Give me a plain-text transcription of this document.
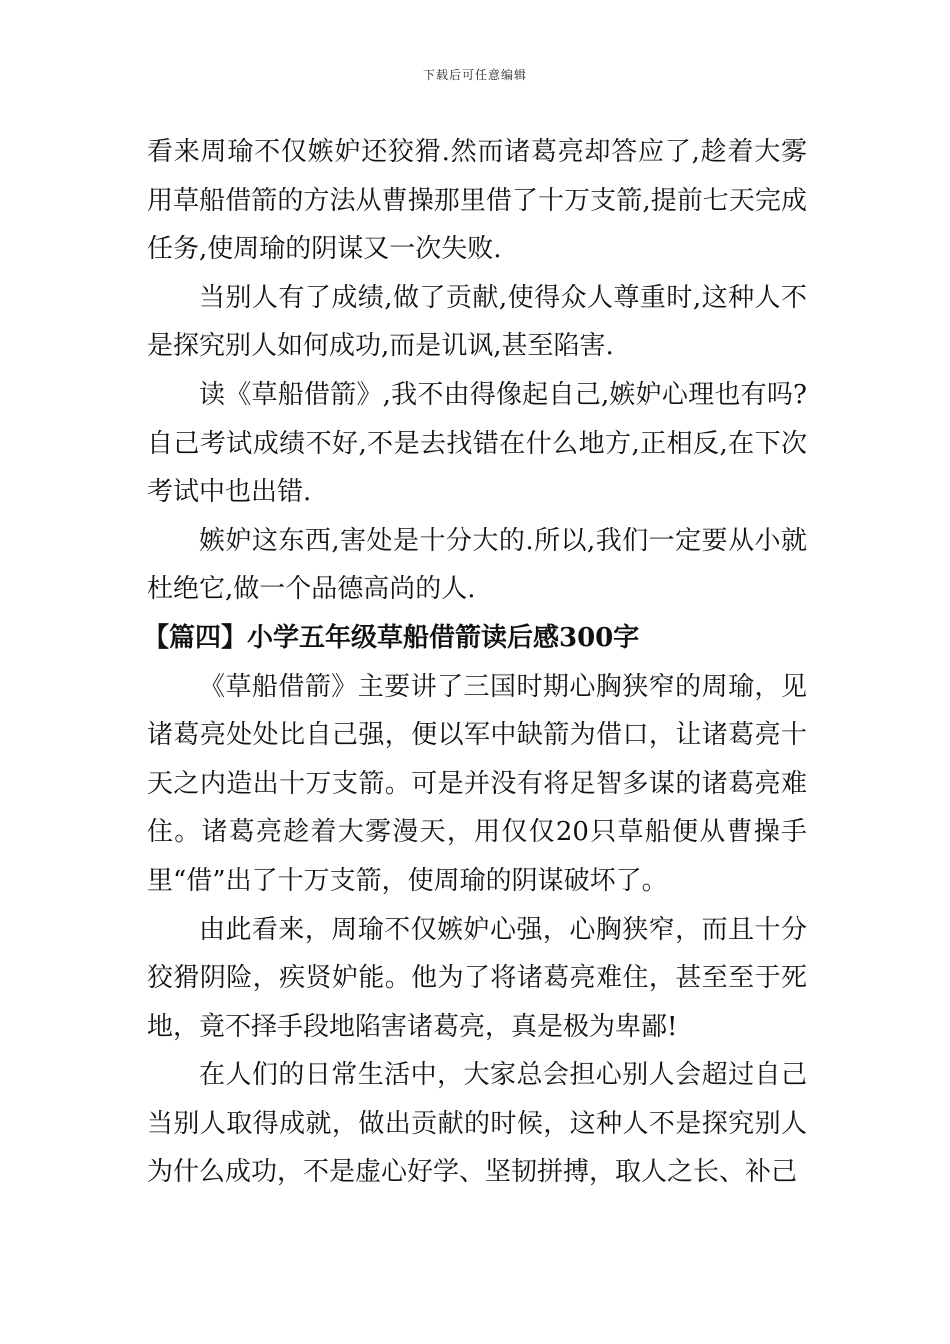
下载后可任意编辑

看来周瑜不仅嫉妒还狡猾.然而诸葛亮却答应了,趁着大雾用草船借箭的方法从曹操那里借了十万支箭,提前七天完成任务,使周瑜的阴谋又一次失败.

当别人有了成绩,做了贡献,使得众人尊重时,这种人不是探究别人如何成功,而是讥讽,甚至陷害.

读《草船借箭》,我不由得像起自己,嫉妒心理也有吗?自己考试成绩不好,不是去找错在什么地方,正相反,在下次考试中也出错.

嫉妒这东西,害处是十分大的.所以,我们一定要从小就杜绝它,做一个品德高尚的人.

【篇四】小学五年级草船借箭读后感300字

《草船借箭》主要讲了三国时期心胸狭窄的周瑜，见诸葛亮处处比自己强，便以军中缺箭为借口，让诸葛亮十天之内造出十万支箭。可是并没有将足智多谋的诸葛亮难住。诸葛亮趁着大雾漫天，用仅仅20只草船便从曹操手里“借”出了十万支箭，使周瑜的阴谋破坏了。

由此看来，周瑜不仅嫉妒心强，心胸狭窄，而且十分狡猾阴险，疾贤妒能。他为了将诸葛亮难住，甚至至于死地，竟不择手段地陷害诸葛亮，真是极为卑鄙!

在人们的日常生活中，大家总会担心别人会超过自己当别人取得成就，做出贡献的时候，这种人不是探究别人为什么成功，不是虚心好学、坚韧拼搏，取人之长、补己
